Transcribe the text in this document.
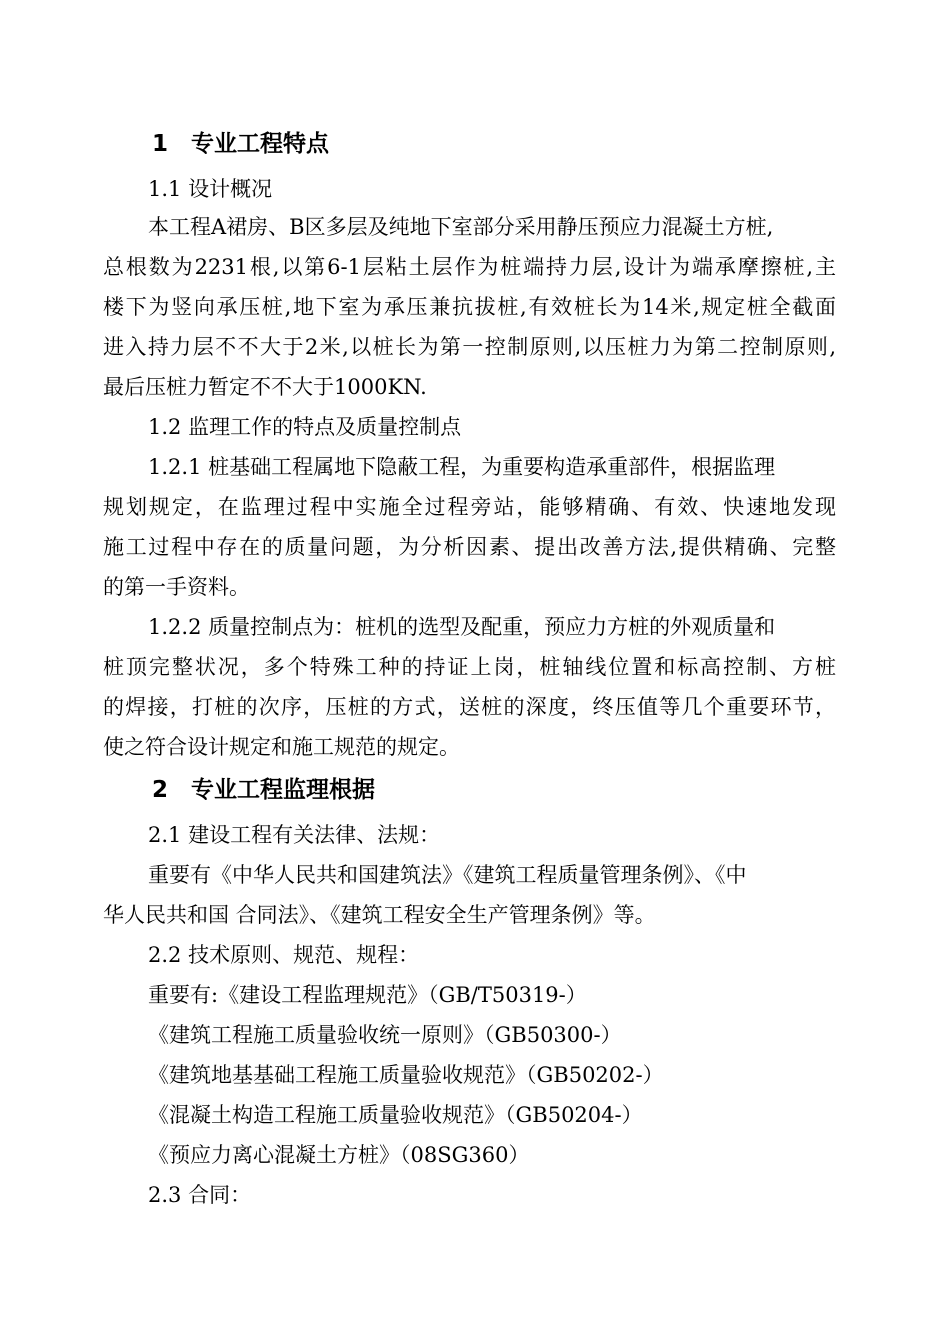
1　专业工程特点
1.1 设计概况
本工程A裙房、B区多层及纯地下室部分采用静压预应力混凝土方桩,
总根数为2231根,以第6-1层粘土层作为桩端持力层,设计为端承摩擦桩,主
楼下为竖向承压桩,地下室为承压兼抗拔桩,有效桩长为14米,规定桩全截面
进入持力层不不大于2米,以桩长为第一控制原则,以压桩力为第二控制原则,
最后压桩力暂定不不大于1000KN.
1.2 监理工作的特点及质量控制点
1.2.1 桩基础工程属地下隐蔽工程，为重要构造承重部件，根据监理
规划规定，在监理过程中实施全过程旁站，能够精确、有效、快速地发现
施工过程中存在的质量问题，为分析因素、提出改善方法,提供精确、完整
的第一手资料。
1.2.2 质量控制点为：桩机的选型及配重，预应力方桩的外观质量和
桩顶完整状况，多个特殊工种的持证上岗，桩轴线位置和标高控制、方桩
的焊接，打桩的次序，压桩的方式，送桩的深度，终压值等几个重要环节，
使之符合设计规定和施工规范的规定。
2　专业工程监理根据
2.1 建设工程有关法律、法规：
重要有《中华人民共和国建筑法》《建筑工程质量管理条例》、《中
华人民共和国 合同法》、《建筑工程安全生产管理条例》等。
2.2 技术原则、规范、规程：
重要有:《建设工程监理规范》（GB/T50319-）
《建筑工程施工质量验收统一原则》（GB50300-）
《建筑地基基础工程施工质量验收规范》（GB50202-）
《混凝土构造工程施工质量验收规范》（GB50204-）
《预应力离心混凝土方桩》（08SG360）
2.3 合同：
